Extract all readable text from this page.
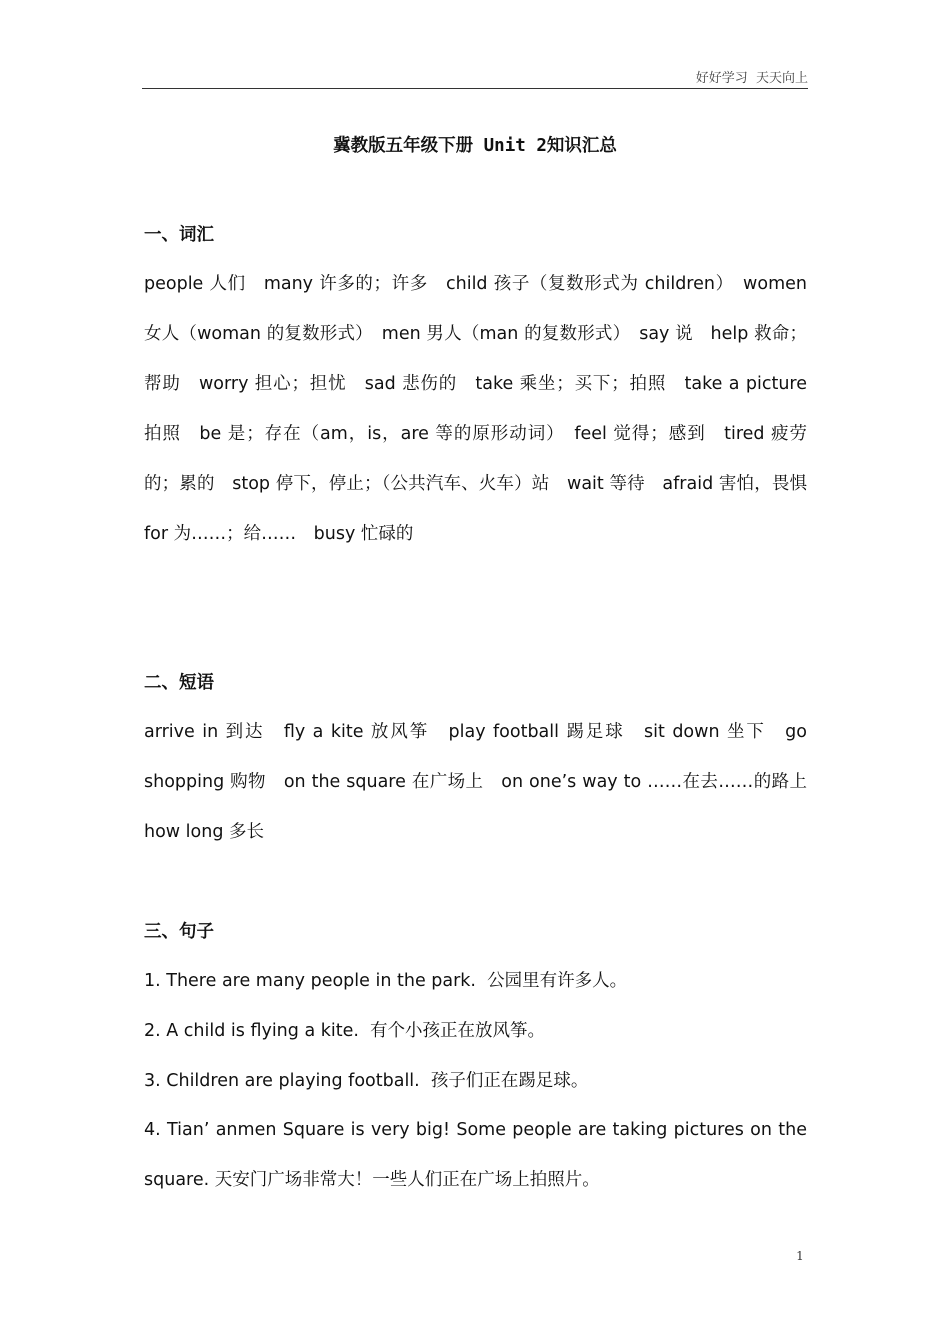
好好学习  天天向上
冀教版五年级下册 Unit 2知识汇总
一、词汇
people 人们　many 许多的；许多　child 孩子（复数形式为 children）　women 女人（woman 的复数形式）　men 男人（man 的复数形式）　say 说　help 救命；帮助　worry 担心；担忧　sad 悲伤的　take 乘坐；买下；拍照　take a picture 拍照　be 是；存在（am，is，are 等的原形动词）　feel 觉得；感到　tired 疲劳的；累的　stop 停下，停止；（公共汽车、火车）站　wait 等待　afraid 害怕，畏惧　for 为……；给……　busy 忙碌的
二、短语
arrive in 到达　fly a kite 放风筝　play football 踢足球　sit down 坐下　go shopping 购物　on the square 在广场上　on one’s way to ……在去……的路上　how long 多长
三、句子
1. There are many people in the park.  公园里有许多人。
2. A child is flying a kite.  有个小孩正在放风筝。
3. Children are playing football.  孩子们正在踢足球。
4. Tian’ anmen Square is very big! Some people are taking pictures on the square. 天安门广场非常大！一些人们正在广场上拍照片。
1
